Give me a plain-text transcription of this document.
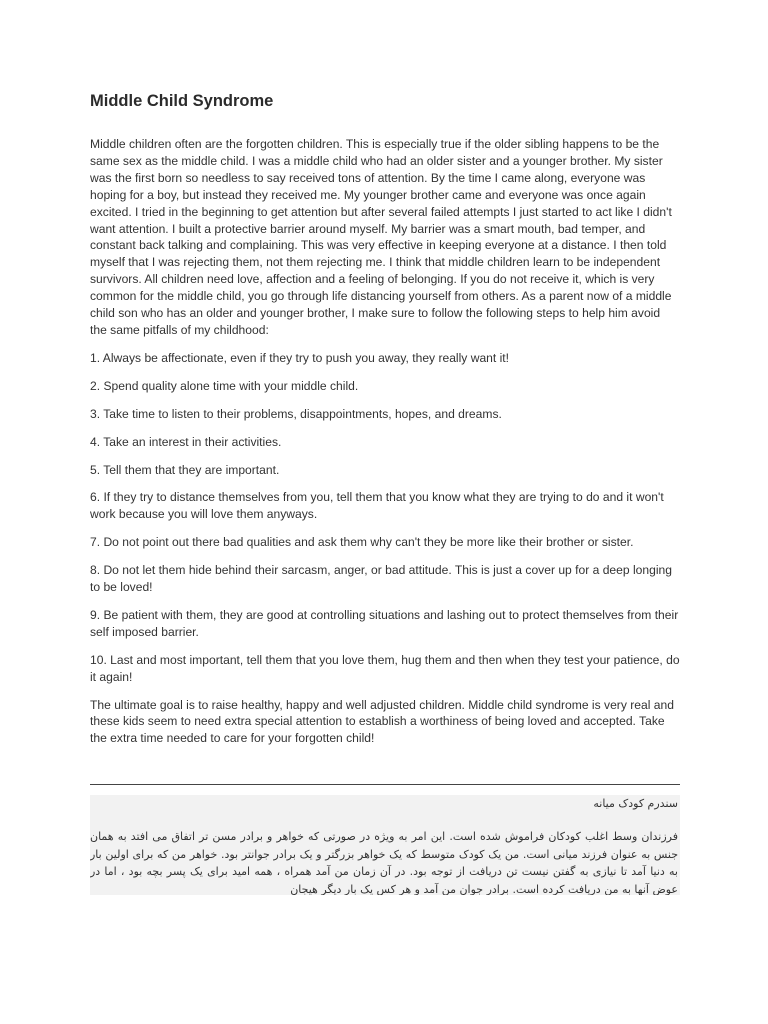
Middle Child Syndrome

Middle children often are the forgotten children. This is especially true if the older sibling happens to be the same sex as the middle child. I was a middle child who had an older sister and a younger brother. My sister was the first born so needless to say received tons of attention. By the time I came along, everyone was hoping for a boy, but instead they received me. My younger brother came and everyone was once again excited. I tried in the beginning to get attention but after several failed attempts I just started to act like I didn't want attention. I built a protective barrier around myself. My barrier was a smart mouth, bad temper, and constant back talking and complaining. This was very effective in keeping everyone at a distance. I then told myself that I was rejecting them, not them rejecting me. I think that middle children learn to be independent survivors. All children need love, affection and a feeling of belonging. If you do not receive it, which is very common for the middle child, you go through life distancing yourself from others. As a parent now of a middle child son who has an older and younger brother, I make sure to follow the following steps to help him avoid the same pitfalls of my childhood:

1. Always be affectionate, even if they try to push you away, they really want it!

2. Spend quality alone time with your middle child.

3. Take time to listen to their problems, disappointments, hopes, and dreams.

4. Take an interest in their activities.

5. Tell them that they are important.

6. If they try to distance themselves from you, tell them that you know what they are trying to do and it won't work because you will love them anyways.

7. Do not point out there bad qualities and ask them why can't they be more like their brother or sister.

8. Do not let them hide behind their sarcasm, anger, or bad attitude. This is just a cover up for a deep longing to be loved!

9. Be patient with them, they are good at controlling situations and lashing out to protect themselves from their self imposed barrier.

10. Last and most important, tell them that you love them, hug them and then when they test your patience, do it again!

The ultimate goal is to raise healthy, happy and well adjusted children. Middle child syndrome is very real and these kids seem to need extra special attention to establish a worthiness of being loved and accepted. Take the extra time needed to care for your forgotten child!

سندرم کودک میانه
فرزندان وسط اغلب کودکان فراموش شده است. این امر به ویژه در صورتی که خواهر و برادر مسن تر اتفاق می افتد به همان جنس به عنوان فرزند میانی است. من یک کودک متوسط که یک خواهر بزرگتر و یک برادر جوانتر بود. خواهر من که برای اولین بار به دنیا آمد تا نیازی به گفتن نیست تن دریافت از توجه بود. در آن زمان من آمد همراه ، همه امید برای یک پسر بچه بود ، اما در عوض آنها به من دریافت کرده است. برادر جوان من آمد و هر کس یک بار دیگر هیجان
